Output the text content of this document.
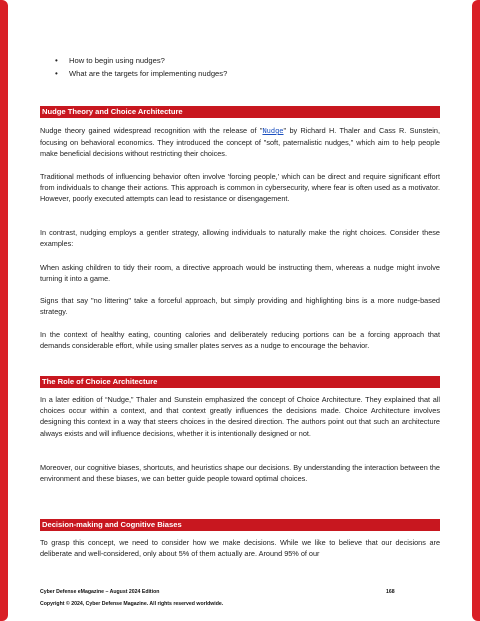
• How to begin using nudges?
• What are the targets for implementing nudges?
Nudge Theory and Choice Architecture

Nudge theory gained widespread recognition with the release of "Nudge" by Richard H. Thaler and Cass R. Sunstein, focusing on behavioral economics. They introduced the concept of "soft, paternalistic nudges," which aim to help people make beneficial decisions without restricting their choices.

Traditional methods of influencing behavior often involve 'forcing people,' which can be direct and require significant effort from individuals to change their actions. This approach is common in cybersecurity, where fear is often used as a motivator. However, poorly executed attempts can lead to resistance or disengagement.

In contrast, nudging employs a gentler strategy, allowing individuals to naturally make the right choices. Consider these examples:

When asking children to tidy their room, a directive approach would be instructing them, whereas a nudge might involve turning it into a game.

Signs that say "no littering" take a forceful approach, but simply providing and highlighting bins is a more nudge-based strategy.

In the context of healthy eating, counting calories and deliberately reducing portions can be a forcing approach that demands considerable effort, while using smaller plates serves as a nudge to encourage the behavior.

The Role of Choice Architecture

In a later edition of “Nudge,” Thaler and Sunstein emphasized the concept of Choice Architecture. They explained that all choices occur within a context, and that context greatly influences the decisions made. Choice Architecture involves designing this context in a way that steers choices in the desired direction. The authors point out that such an architecture always exists and will influence decisions, whether it is intentionally designed or not.

Moreover, our cognitive biases, shortcuts, and heuristics shape our decisions. By understanding the interaction between the environment and these biases, we can better guide people toward optimal choices.

Decision-making and Cognitive Biases

To grasp this concept, we need to consider how we make decisions. While we like to believe that our decisions are deliberate and well-considered, only about 5% of them actually are. Around 95% of our

Cyber Defense eMagazine – August 2024 Edition	168
Copyright © 2024, Cyber Defense Magazine. All rights reserved worldwide.
